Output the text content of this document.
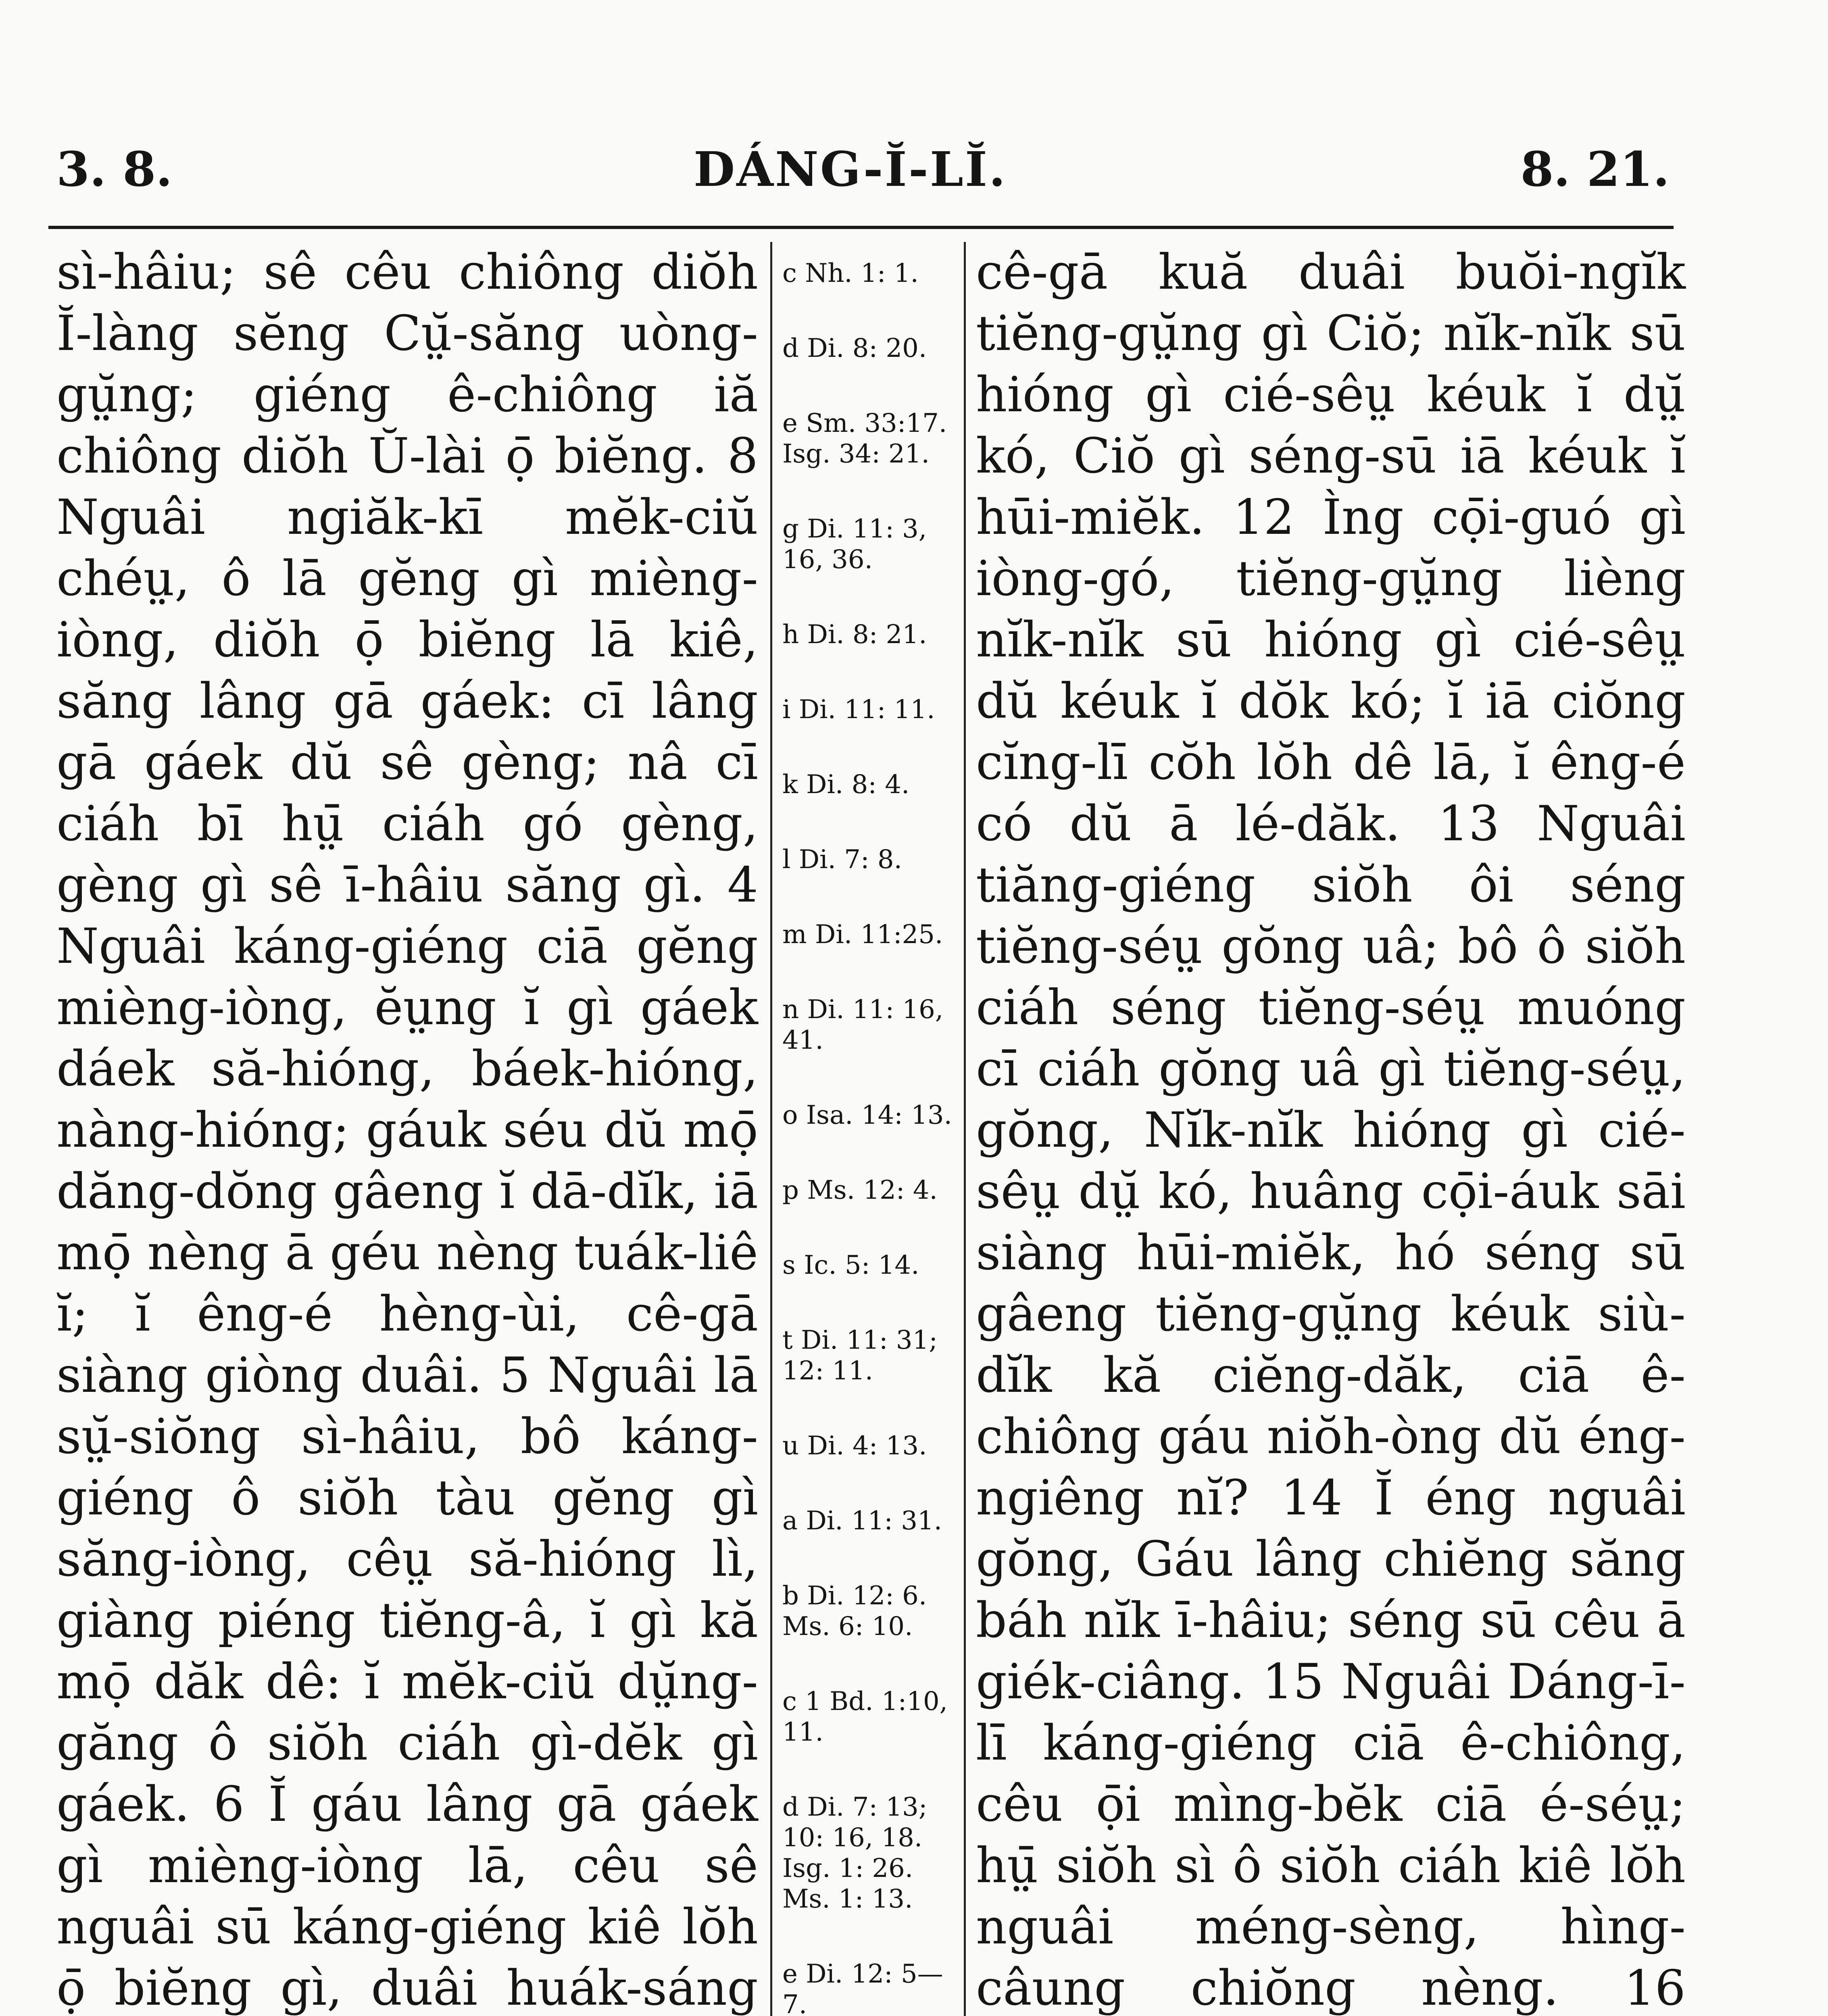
3. 8.	DÁNG-Ĭ-LĬ.	8. 21.

sì-hâiu; sê cêu chiông diŏh Ĭ-làng sĕng Cṳ̆-săng uòng-gṳ̆ng; giéng ê-chiông iă chiông diŏh Ŭ-lài ọ̄ biĕng. 8 Nguâi ngiăk-kī mĕk-ciŭ chéṳ, ô lā gĕng gì mièng-iòng, diŏh ọ̄ biĕng lā kiê, săng lâng gā gáek: cī lâng gā gáek dŭ sê gèng; nâ cī ciáh bī hṳ̄ ciáh gó gèng, gèng gì sê ī-hâiu săng gì. 4 Nguâi káng-giéng ciā gĕng mièng-iòng, ĕṳng ĭ gì gáek dáek să-hióng, báek-hióng, nàng-hióng; gáuk séu dŭ mọ̄ dăng-dŏng gâeng ĭ dā-dĭk, iā mọ̄ nèng ā géu nèng tuák-liê ĭ; ĭ êng-é hèng-ùi, cê-gā siàng giòng duâi. 5 Nguâi lā sṳ̆-siŏng sì-hâiu, bô káng-giéng ô siŏh tàu gĕng gì săng-iòng, cêṳ să-hióng lì, giàng piéng tiĕng-â, ĭ gì kă mọ̄ dăk dê: ĭ mĕk-ciŭ dṳ̆ng-găng ô siŏh ciáh gì-dĕk gì gáek. 6 Ĭ gáu lâng gā gáek gì mièng-iòng lā, cêu sê nguâi sū káng-giéng kiê lŏh ọ̄ biĕng gì, duâi huák-sáng

c Nh. 1: 1.
d Di. 8: 20.
e Sm. 33:17. Isg. 34: 21.
g Di. 11: 3, 16, 36.
h Di. 8: 21.
i Di. 11: 11.
k Di. 8: 4.
l Di. 7: 8.
m Di. 11:25.
n Di. 11: 16, 41.
o Isa. 14: 13.
p Ms. 12: 4.
s Ic. 5: 14.
t Di. 11: 31; 12: 11.
u Di. 4: 13.
a Di. 11: 31.
b Di. 12: 6. Ms. 6: 10.
c 1 Bd. 1:10, 11.
d Di. 7: 13; 10: 16, 18. Isg. 1: 26. Ms. 1: 13.
e Di. 12: 5—7.

cê-gā kuă duâi buŏi-ngĭk tiĕng-gṳ̆ng gì Ciŏ; nĭk-nĭk sū hióng gì cié-sêṳ kéuk ĭ dṳ̆ kó, Ciŏ gì séng-sū iā kéuk ĭ hūi-miĕk. 12 Ìng cọ̄i-guó gì iòng-gó, tiĕng-gṳ̆ng lièng nĭk-nĭk sū hióng gì cié-sêṳ dŭ kéuk ĭ dŏk kó; ĭ iā ciŏng cĭng-lī cŏh lŏh dê lā, ĭ êng-é có dŭ ā lé-dăk. 13 Nguâi tiăng-giéng siŏh ôi séng tiĕng-séṳ gŏng uâ; bô ô siŏh ciáh séng tiĕng-séṳ muóng cī ciáh gŏng uâ gì tiĕng-séṳ, gŏng, Nĭk-nĭk hióng gì cié-sêṳ dṳ̆ kó, huâng cọ̄i-áuk sāi siàng hūi-miĕk, hó séng sū gâeng tiĕng-gṳ̆ng kéuk siù-dĭk kă ciĕng-dăk, ciā ê-chiông gáu niŏh-òng dŭ éng-ngiêng nĭ? 14 Ĭ éng nguâi gŏng, Gáu lâng chiĕng săng báh nĭk ī-hâiu; séng sū cêu ā giék-ciâng. 15 Nguâi Dáng-ī-lī káng-giéng ciā ê-chiông, cêu ọ̄i mìng-bĕk ciā é-séṳ; hṳ̄ siŏh sì ô siŏh ciáh kiê lŏh nguâi méng-sèng, hìng-câung chiŏng nèng. 16
